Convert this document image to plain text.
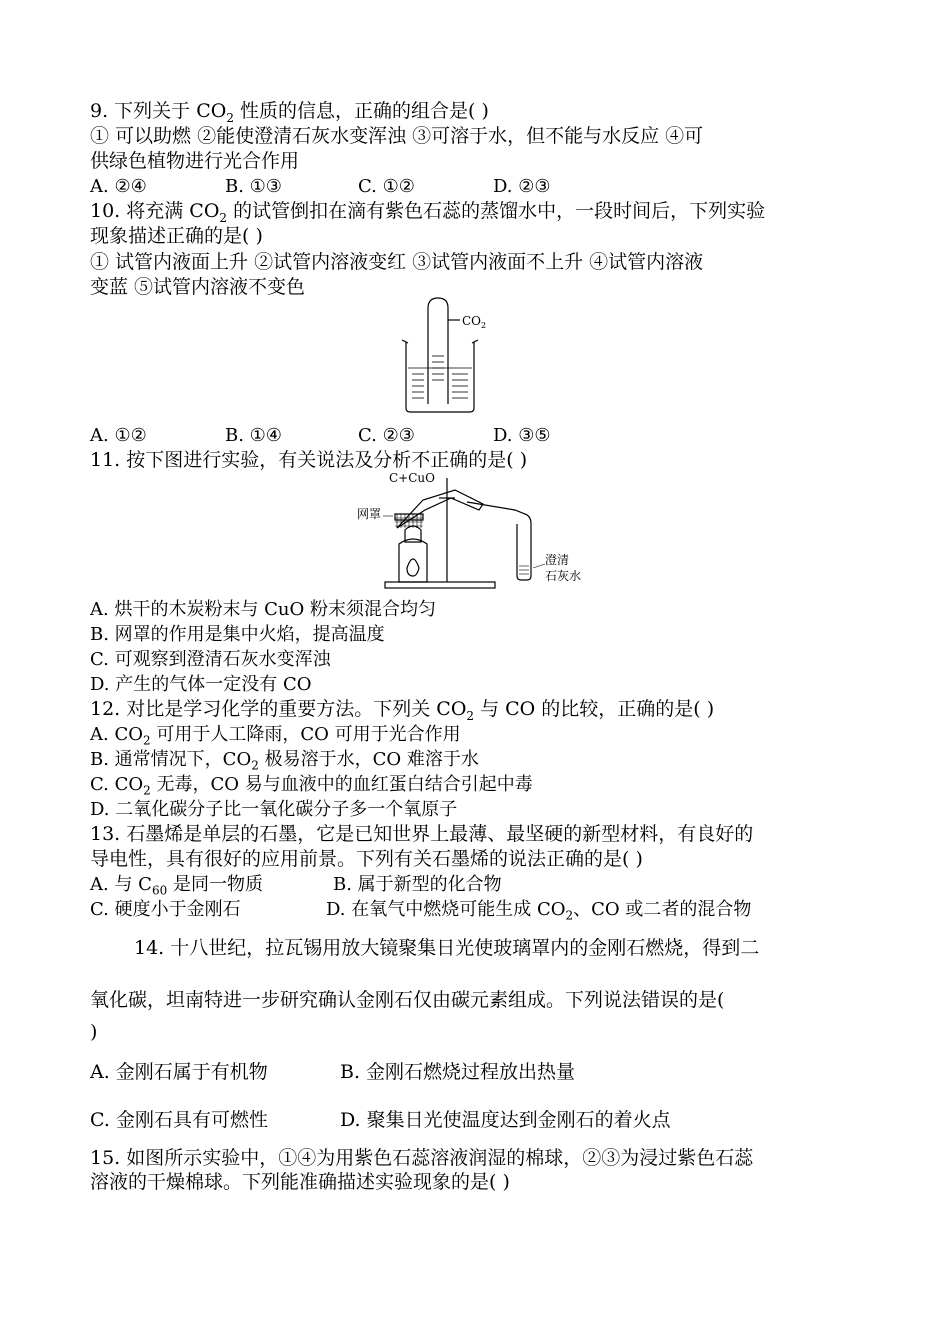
9. 下列关于 $CO_2$ 性质的信息，正确的组合是( )
① 可以助燃 ②能使澄清石灰水变浑浊 ③可溶于水，但不能与水反应 ④可
供绿色植物进行光合作用
A. ②④	B. ①③	C. ①②	D. ②③
10. 将充满 $CO_2$ 的试管倒扣在滴有紫色石蕊的蒸馏水中，一段时间后，下列实验
现象描述正确的是( )
① 试管内液面上升 ②试管内溶液变红 ③试管内液面不上升 ④试管内溶液
变蓝 ⑤试管内溶液不变色
$CO_2$
A. ①②	B. ①④	C. ②③	D. ③⑤
11. 按下图进行实验，有关说法及分析不正确的是( )
C+CuO
网罩
澄清
石灰水
A. 烘干的木炭粉末与 CuO 粉末须混合均匀
B. 网罩的作用是集中火焰，提高温度
C. 可观察到澄清石灰水变浑浊
D. 产生的气体一定没有 CO
12. 对比是学习化学的重要方法。下列关 $CO_2$ 与 CO 的比较，正确的是( )
A. $CO_2$ 可用于人工降雨，CO 可用于光合作用
B. 通常情况下，$CO_2$ 极易溶于水，CO 难溶于水
C. $CO_2$ 无毒，CO 易与血液中的血红蛋白结合引起中毒
D. 二氧化碳分子比一氧化碳分子多一个氧原子
13. 石墨烯是单层的石墨，它是已知世界上最薄、最坚硬的新型材料，有良好的
导电性，具有很好的应用前景。下列有关石墨烯的说法正确的是( )
A. 与 $C_{60}$ 是同一物质	B. 属于新型的化合物
C. 硬度小于金刚石	D. 在氧气中燃烧可能生成 $CO_2$、CO 或二者的混合物
14. 十八世纪，拉瓦锡用放大镜聚集日光使玻璃罩内的金刚石燃烧，得到二
氧化碳，坦南特进一步研究确认金刚石仅由碳元素组成。下列说法错误的是(
)
A. 金刚石属于有机物	B. 金刚石燃烧过程放出热量
C. 金刚石具有可燃性	D. 聚集日光使温度达到金刚石的着火点
15. 如图所示实验中，①④为用紫色石蕊溶液润湿的棉球，②③为浸过紫色石蕊
溶液的干燥棉球。下列能准确描述实验现象的是( )
